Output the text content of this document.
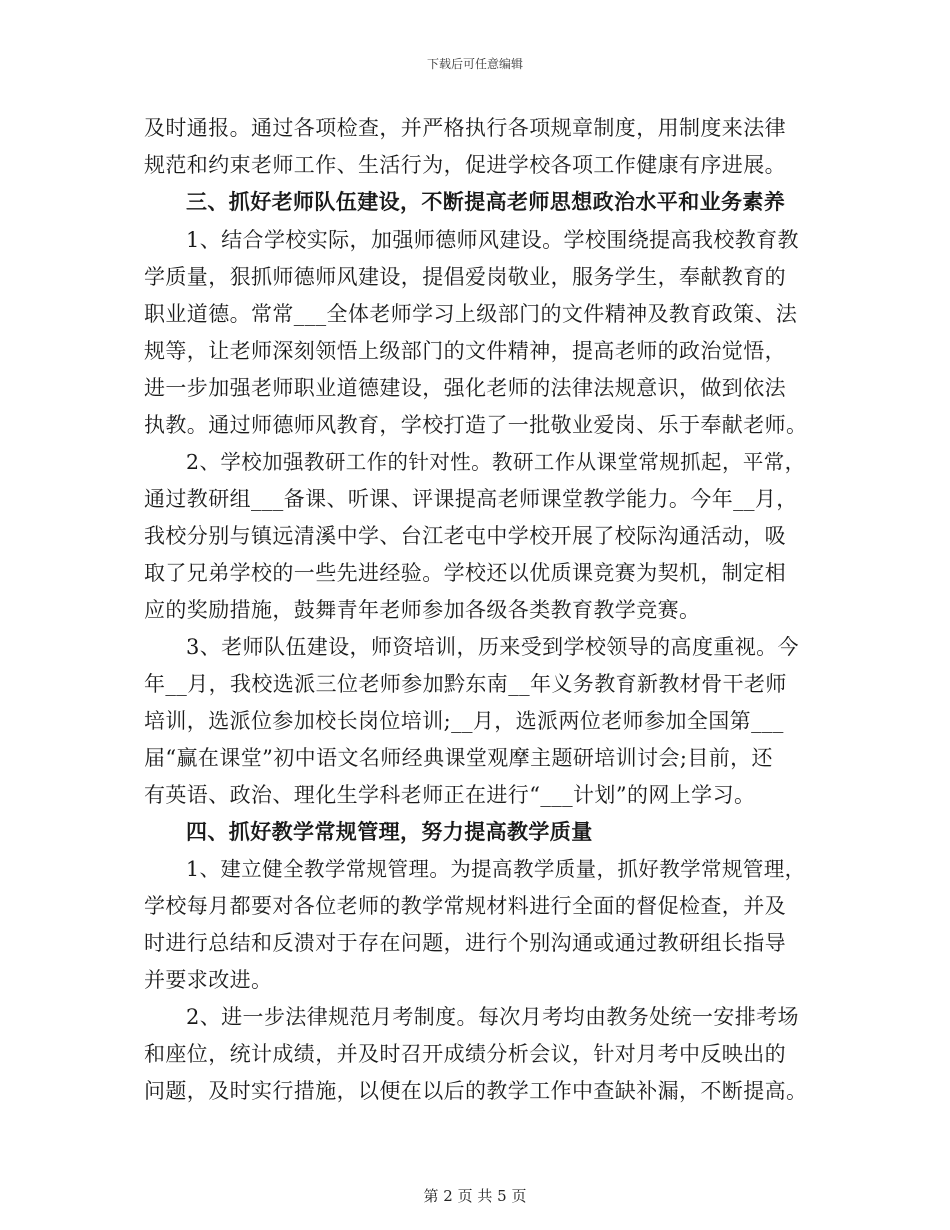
下载后可任意编辑
及时通报。通过各项检查，并严格执行各项规章制度，用制度来法律
规范和约束老师工作、生活行为，促进学校各项工作健康有序进展。
三、抓好老师队伍建设，不断提高老师思想政治水平和业务素养
1、结合学校实际，加强师德师风建设。学校围绕提高我校教育教
学质量，狠抓师德师风建设，提倡爱岗敬业，服务学生，奉献教育的
职业道德。常常___全体老师学习上级部门的文件精神及教育政策、法
规等，让老师深刻领悟上级部门的文件精神，提高老师的政治觉悟，
进一步加强老师职业道德建设，强化老师的法律法规意识，做到依法
执教。通过师德师风教育，学校打造了一批敬业爱岗、乐于奉献老师。
2、学校加强教研工作的针对性。教研工作从课堂常规抓起，平常，
通过教研组___备课、听课、评课提高老师课堂教学能力。今年__月，
我校分别与镇远清溪中学、台江老屯中学校开展了校际沟通活动，吸
取了兄弟学校的一些先进经验。学校还以优质课竞赛为契机，制定相
应的奖励措施，鼓舞青年老师参加各级各类教育教学竞赛。
3、老师队伍建设，师资培训，历来受到学校领导的高度重视。今
年__月，我校选派三位老师参加黔东南__年义务教育新教材骨干老师
培训，选派位参加校长岗位培训;__月，选派两位老师参加全国第___
届“赢在课堂”初中语文名师经典课堂观摩主题研培训讨会;目前，还
有英语、政治、理化生学科老师正在进行“___计划”的网上学习。
四、抓好教学常规管理，努力提高教学质量
1、建立健全教学常规管理。为提高教学质量，抓好教学常规管理，
学校每月都要对各位老师的教学常规材料进行全面的督促检查，并及
时进行总结和反溃对于存在问题，进行个别沟通或通过教研组长指导
并要求改进。
2、进一步法律规范月考制度。每次月考均由教务处统一安排考场
和座位，统计成绩，并及时召开成绩分析会议，针对月考中反映出的
问题，及时实行措施，以便在以后的教学工作中查缺补漏，不断提高。
第 2 页 共 5 页
